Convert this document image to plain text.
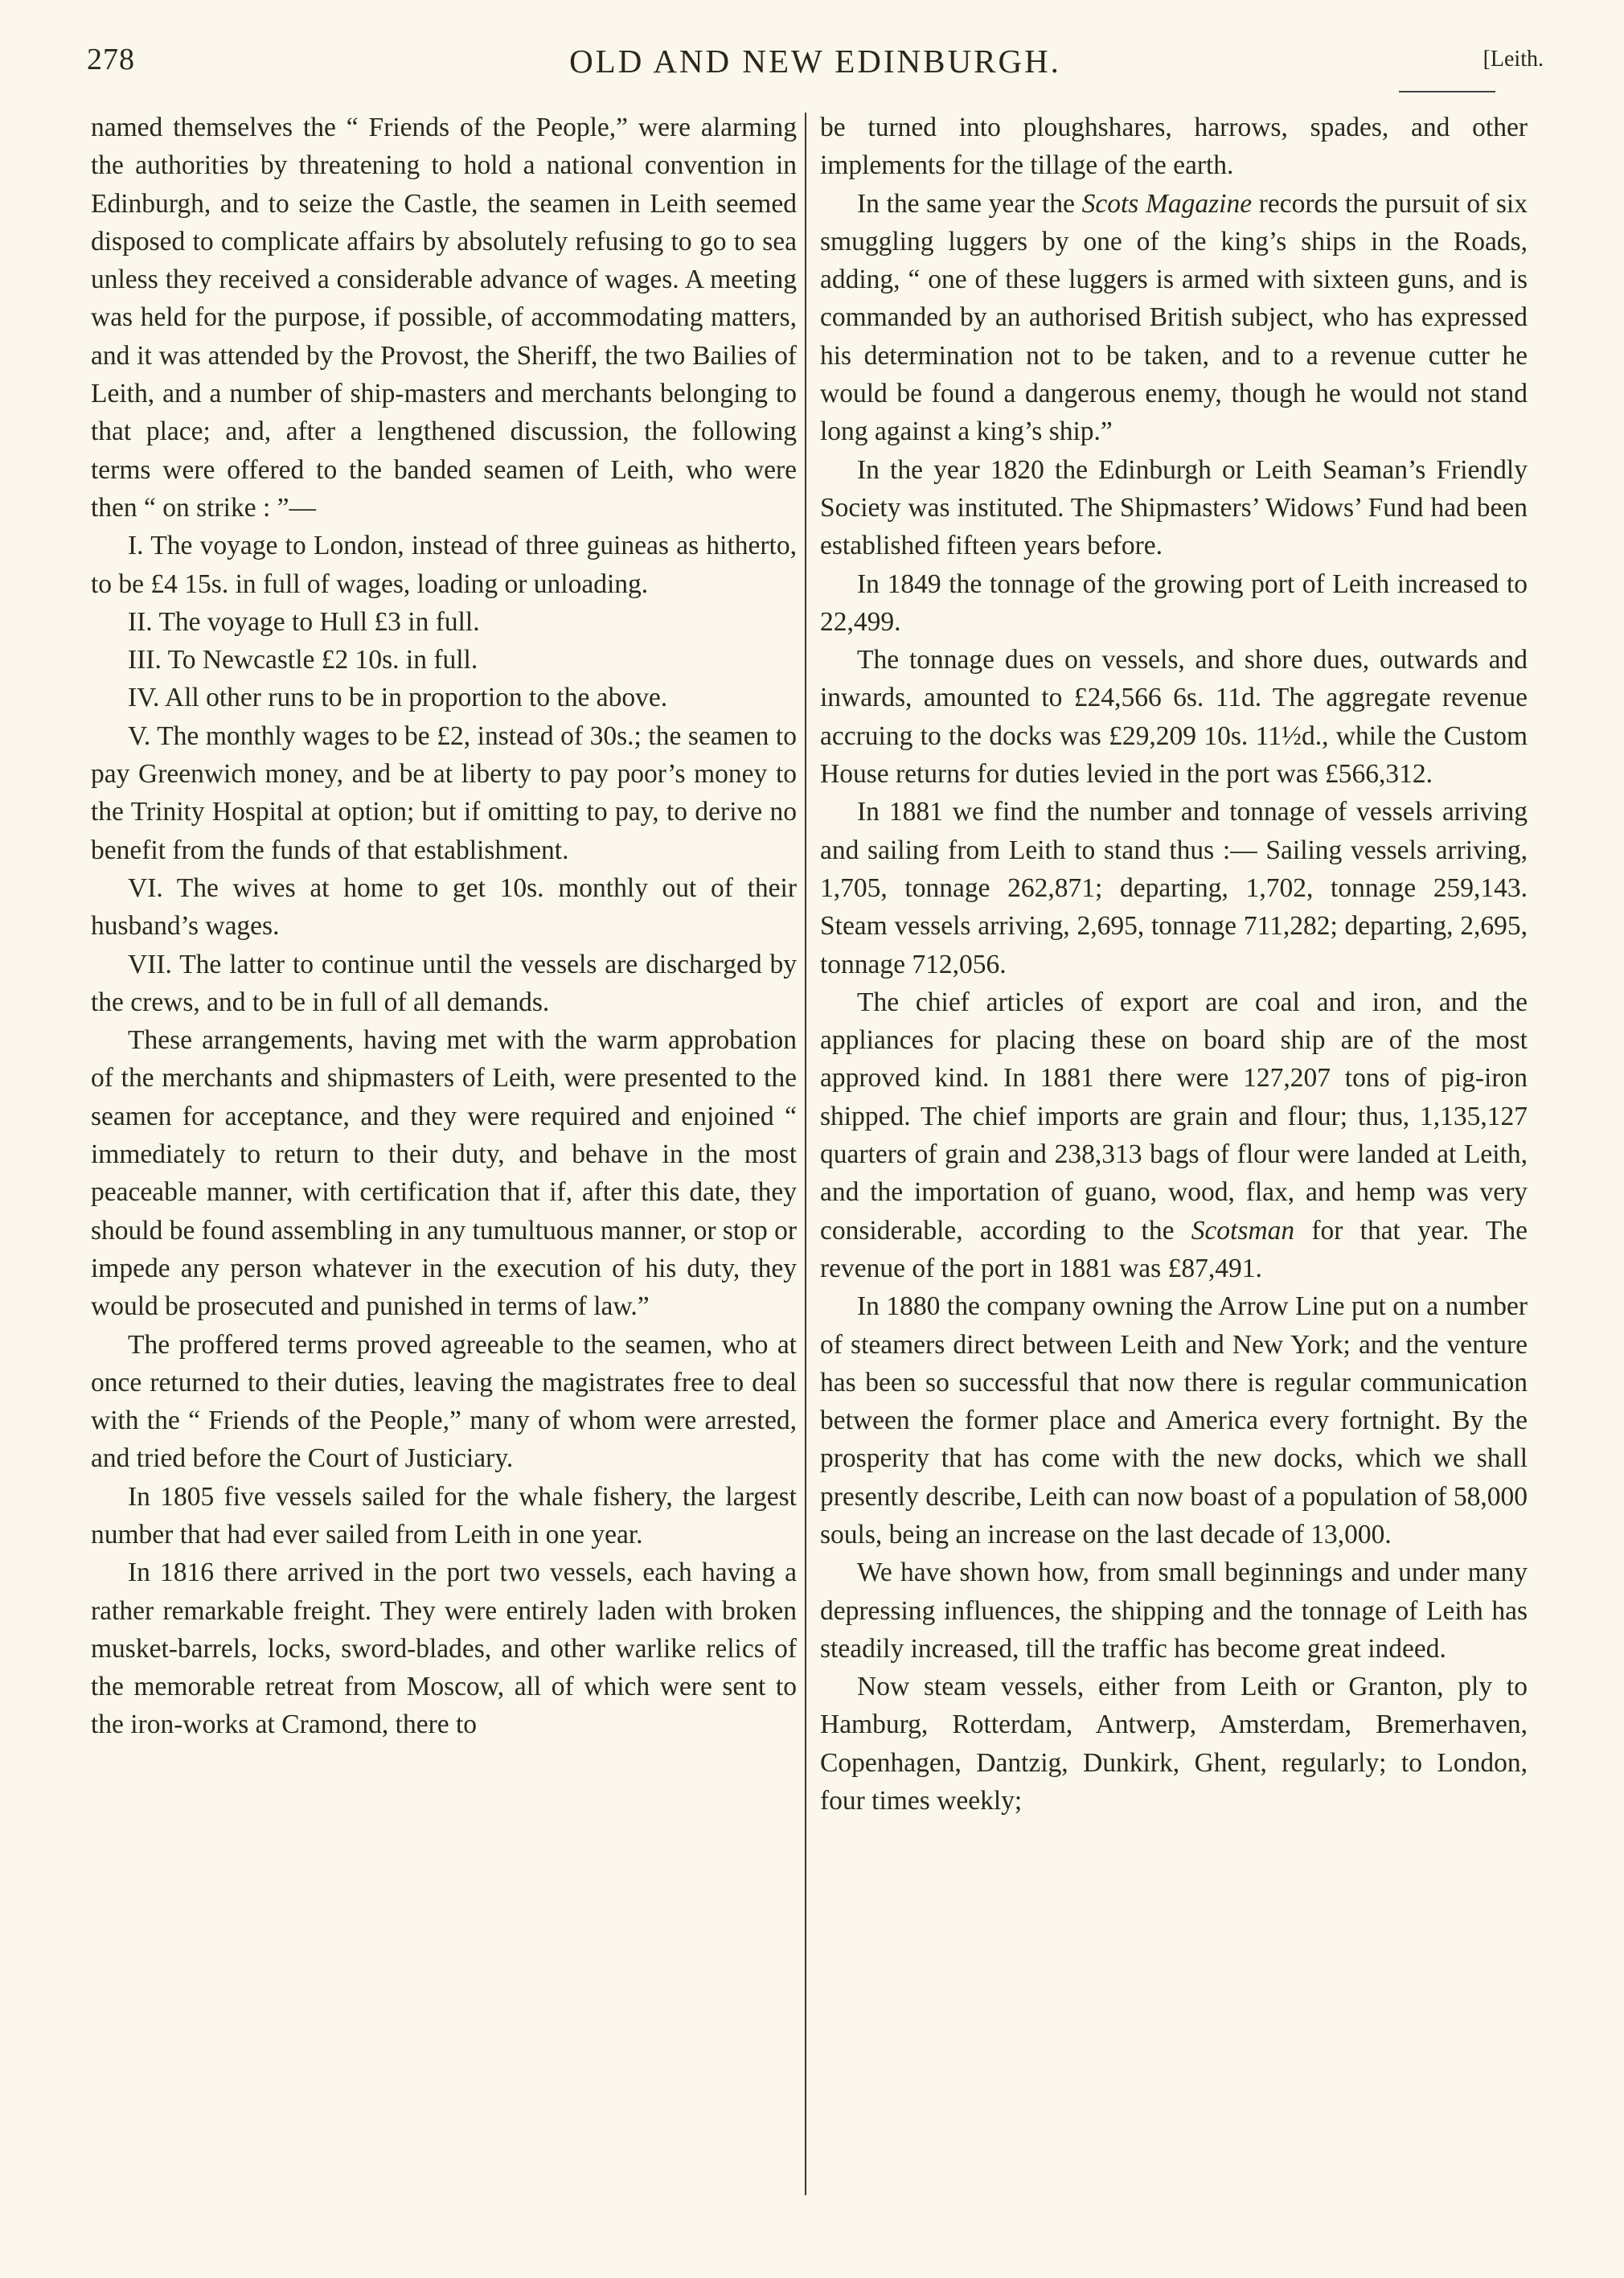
278	OLD AND NEW EDINBURGH.	[Leith.

named themselves the “ Friends of the People,” were alarming the authorities by threatening to hold a national convention in Edinburgh, and to seize the Castle, the seamen in Leith seemed disposed to complicate affairs by absolutely refusing to go to sea unless they received a considerable advance of wages. A meeting was held for the purpose, if possible, of accommodating matters, and it was attended by the Provost, the Sheriff, the two Bailies of Leith, and a number of ship-masters and merchants belonging to that place; and, after a lengthened discussion, the following terms were offered to the banded seamen of Leith, who were then “ on strike : ”—

I. The voyage to London, instead of three guineas as hitherto, to be £4 15s. in full of wages, loading or unloading.

II. The voyage to Hull £3 in full.

III. To Newcastle £2 10s. in full.

IV. All other runs to be in proportion to the above.

V. The monthly wages to be £2, instead of 30s.; the seamen to pay Greenwich money, and be at liberty to pay poor’s money to the Trinity Hospital at option; but if omitting to pay, to derive no benefit from the funds of that establishment.

VI. The wives at home to get 10s. monthly out of their husband’s wages.

VII. The latter to continue until the vessels are discharged by the crews, and to be in full of all demands.

These arrangements, having met with the warm approbation of the merchants and shipmasters of Leith, were presented to the seamen for acceptance, and they were required and enjoined “ immediately to return to their duty, and behave in the most peaceable manner, with certification that if, after this date, they should be found assembling in any tumultuous manner, or stop or impede any person whatever in the execution of his duty, they would be prosecuted and punished in terms of law.”

The proffered terms proved agreeable to the seamen, who at once returned to their duties, leaving the magistrates free to deal with the “ Friends of the People,” many of whom were arrested, and tried before the Court of Justiciary.

In 1805 five vessels sailed for the whale fishery, the largest number that had ever sailed from Leith in one year.

In 1816 there arrived in the port two vessels, each having a rather remarkable freight. They were entirely laden with broken musket-barrels, locks, sword-blades, and other warlike relics of the memorable retreat from Moscow, all of which were sent to the iron-works at Cramond, there to

be turned into ploughshares, harrows, spades, and other implements for the tillage of the earth.

In the same year the Scots Magazine records the pursuit of six smuggling luggers by one of the king’s ships in the Roads, adding, “ one of these luggers is armed with sixteen guns, and is commanded by an authorised British subject, who has expressed his determination not to be taken, and to a revenue cutter he would be found a dangerous enemy, though he would not stand long against a king’s ship.”

In the year 1820 the Edinburgh or Leith Seaman’s Friendly Society was instituted. The Shipmasters’ Widows’ Fund had been established fifteen years before.

In 1849 the tonnage of the growing port of Leith increased to 22,499.

The tonnage dues on vessels, and shore dues, outwards and inwards, amounted to £24,566 6s. 11d. The aggregate revenue accruing to the docks was £29,209 10s. 11½d., while the Custom House returns for duties levied in the port was £566,312.

In 1881 we find the number and tonnage of vessels arriving and sailing from Leith to stand thus :— Sailing vessels arriving, 1,705, tonnage 262,871; departing, 1,702, tonnage 259,143. Steam vessels arriving, 2,695, tonnage 711,282; departing, 2,695, tonnage 712,056.

The chief articles of export are coal and iron, and the appliances for placing these on board ship are of the most approved kind. In 1881 there were 127,207 tons of pig-iron shipped. The chief imports are grain and flour; thus, 1,135,127 quarters of grain and 238,313 bags of flour were landed at Leith, and the importation of guano, wood, flax, and hemp was very considerable, according to the Scotsman for that year. The revenue of the port in 1881 was £87,491.

In 1880 the company owning the Arrow Line put on a number of steamers direct between Leith and New York; and the venture has been so successful that now there is regular communication between the former place and America every fortnight. By the prosperity that has come with the new docks, which we shall presently describe, Leith can now boast of a population of 58,000 souls, being an increase on the last decade of 13,000.

We have shown how, from small beginnings and under many depressing influences, the shipping and the tonnage of Leith has steadily increased, till the traffic has become great indeed.

Now steam vessels, either from Leith or Granton, ply to Hamburg, Rotterdam, Antwerp, Amsterdam, Bremerhaven, Copenhagen, Dantzig, Dunkirk, Ghent, regularly; to London, four times weekly;
